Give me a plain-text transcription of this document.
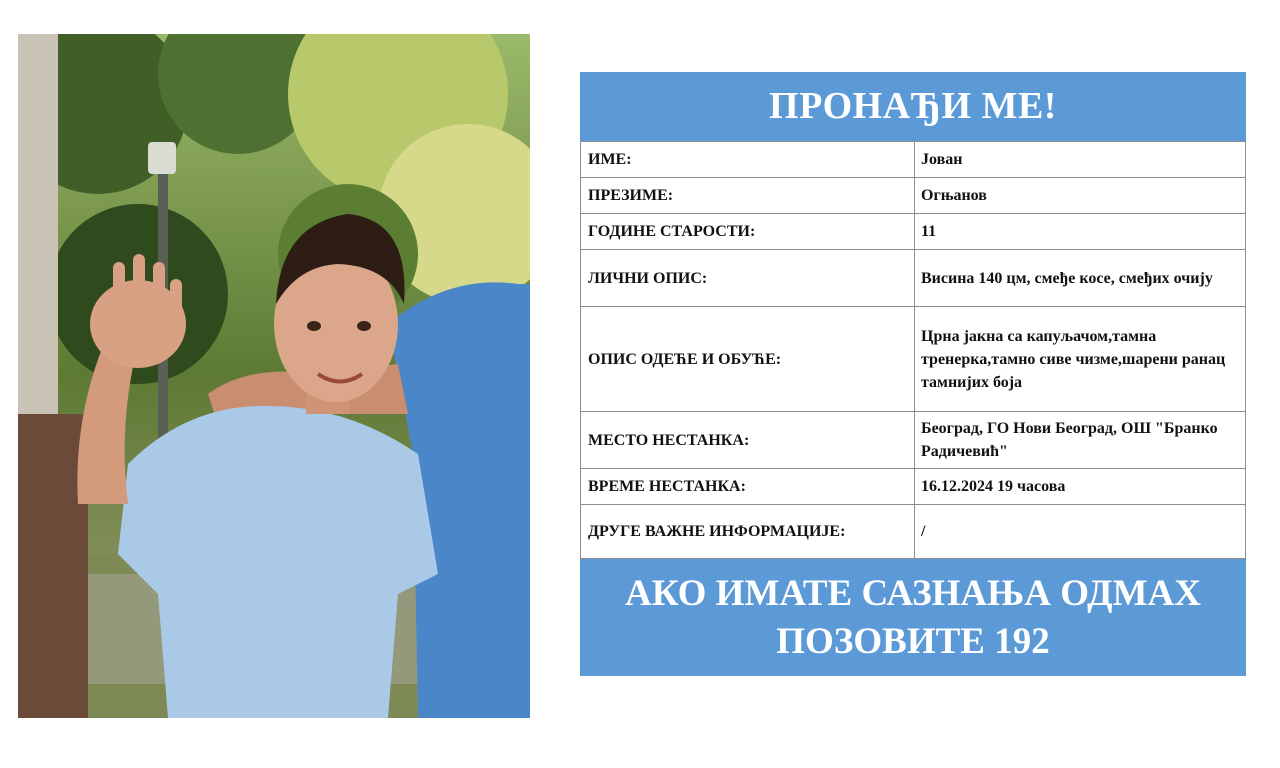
ПРОНАЂИ МЕ!
ИМЕ:	Јован
ПРЕЗИМЕ:	Огњанов
ГОДИНЕ СТАРОСТИ:	11
ЛИЧНИ ОПИС:	Висина 140 цм, смеђе косе, смеђих очију
ОПИС ОДЕЋЕ И ОБУЋЕ:	Црна јакна са капуљачом,тамна тренерка,тамно сиве чизме,шарени ранац тамнијих боја
МЕСТО НЕСТАНКА:	Београд, ГО Нови Београд, ОШ "Бранко Радичевић"
ВРЕМЕ НЕСТАНКА:	16.12.2024 19 часова
ДРУГЕ ВАЖНЕ ИНФОРМАЦИЈЕ:	/
АКО ИМАТЕ САЗНАЊА ОДМАХ
ПОЗОВИТЕ 192
